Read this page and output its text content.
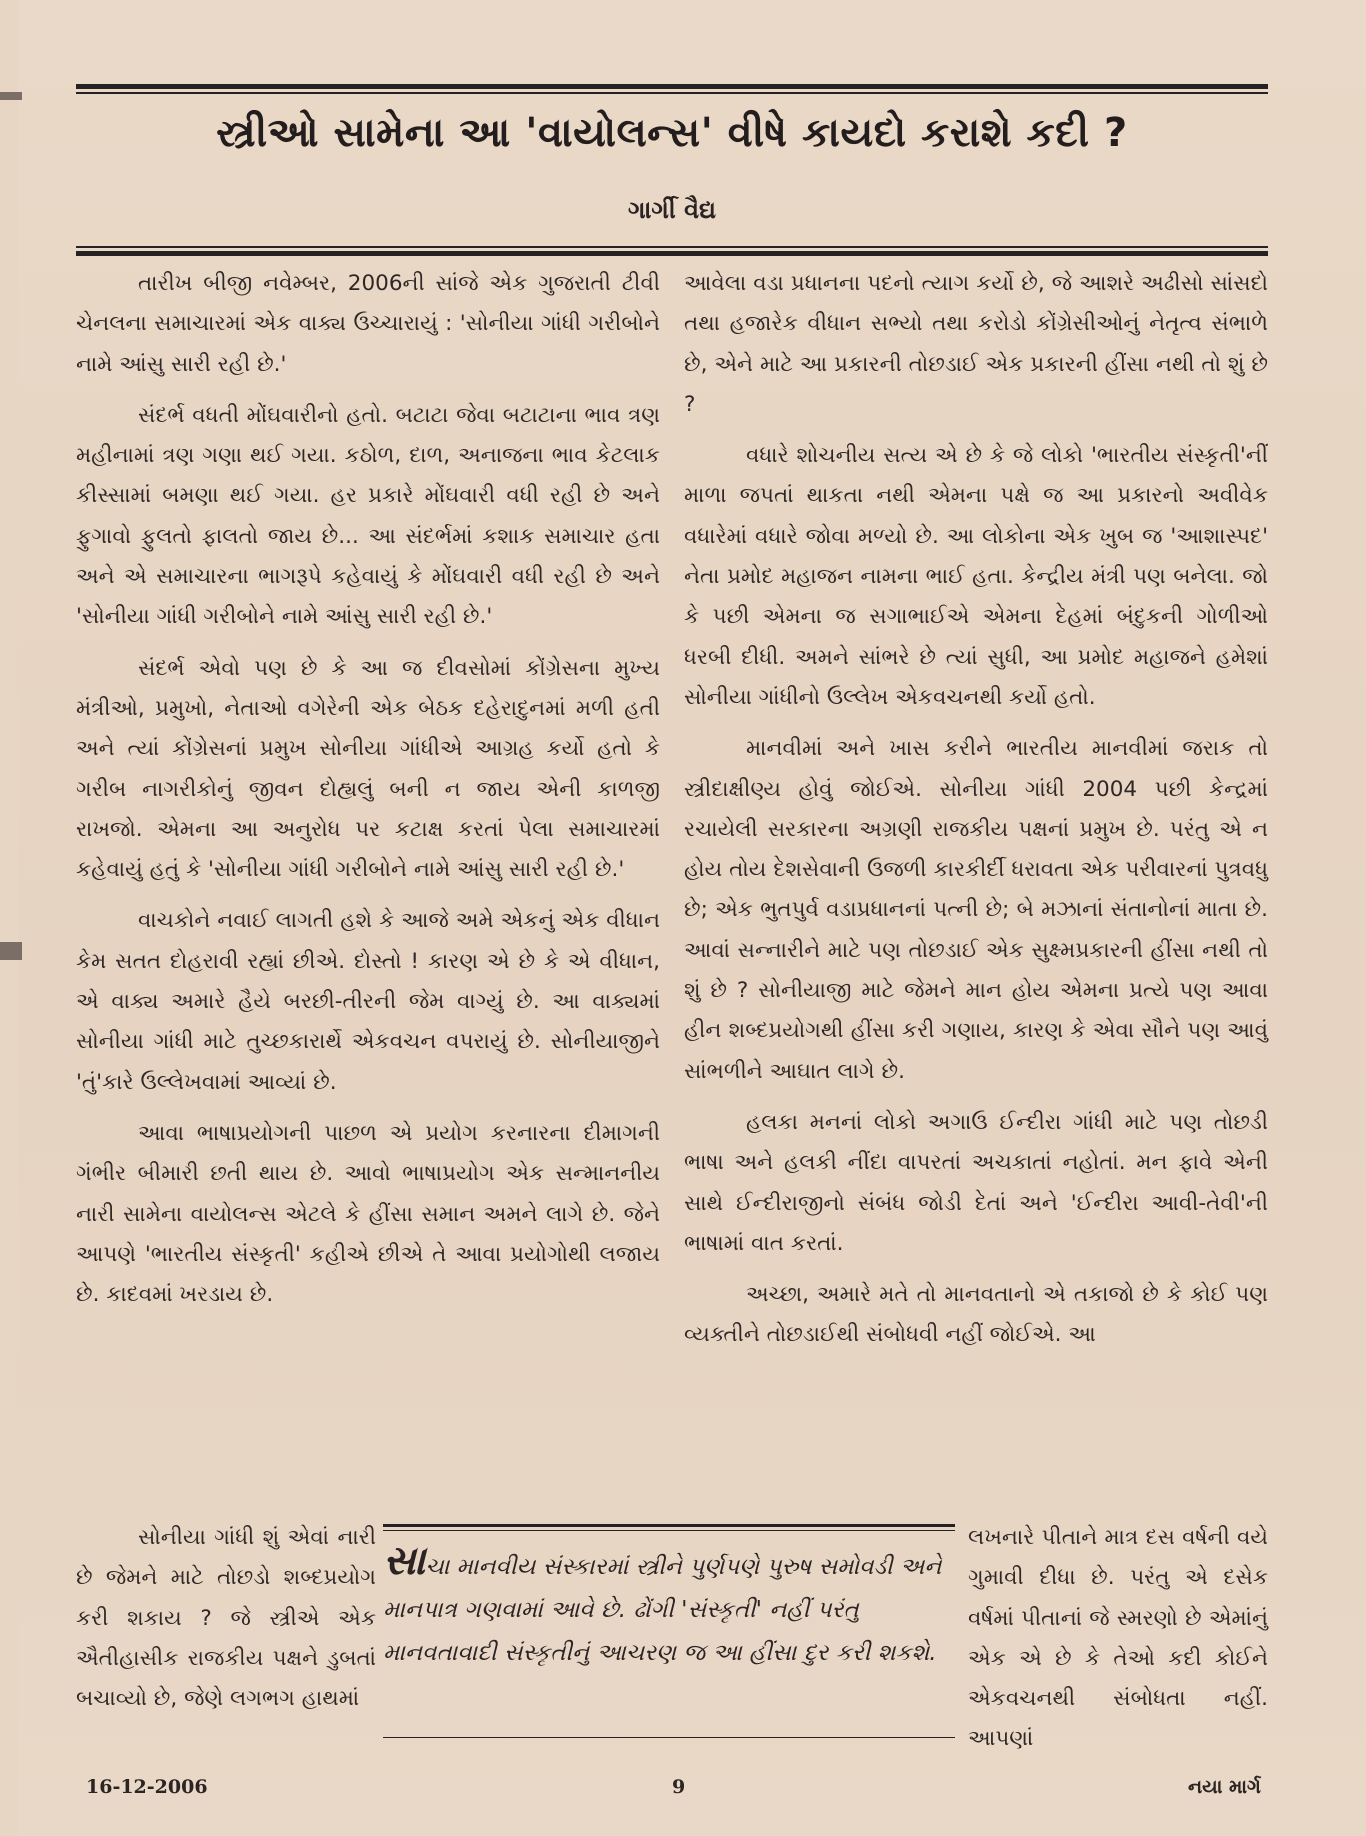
સ્ત્રીઓ સામેના આ 'વાયોલન્સ' વીષે કાયદો કરાશે કદી ?
ગાર્ગી વૈદ્ય

તારીખ બીજી નવેમ્બર, 2006ની સાંજે એક ગુજરાતી ટીવી ચેનલના સમાચારમાં એક વાક્ય ઉચ્ચારાયું : 'સોનીયા ગાંધી ગરીબોને નામે આંસુ સારી રહી છે.'

સંદર્ભ વધતી મોંઘવારીનો હતો. બટાટા જેવા બટાટાના ભાવ ત્રણ મહીનામાં ત્રણ ગણા થઈ ગયા. કઠોળ, દાળ, અનાજના ભાવ કેટલાક કીસ્સામાં બમણા થઈ ગયા. હર પ્રકારે મોંઘવારી વધી રહી છે અને ફુગાવો ફુલતો ફાલતો જાય છે... આ સંદર્ભમાં કશાક સમાચાર હતા અને એ સમાચારના ભાગરૂપે કહેવાયું કે મોંઘવારી વધી રહી છે અને 'સોનીયા ગાંધી ગરીબોને નામે આંસુ સારી રહી છે.'

સંદર્ભ એવો પણ છે કે આ જ દીવસોમાં કોંગ્રેસના મુખ્ય મંત્રીઓ, પ્રમુખો, નેતાઓ વગેરેની એક બેઠક દહેરાદુનમાં મળી હતી અને ત્યાં કોંગ્રેસનાં પ્રમુખ સોનીયા ગાંધીએ આગ્રહ કર્યો હતો કે ગરીબ નાગરીકોનું જીવન દોહ્યલું બની ન જાય એની કાળજી રાખજો. એમના આ અનુરોધ પર કટાક્ષ કરતાં પેલા સમાચારમાં કહેવાયું હતું કે 'સોનીયા ગાંધી ગરીબોને નામે આંસુ સારી રહી છે.'

વાચકોને નવાઈ લાગતી હશે કે આજે અમે એકનું એક વીધાન કેમ સતત દોહરાવી રહ્યાં છીએ. દોસ્તો ! કારણ એ છે કે એ વીધાન, એ વાક્ય અમારે હૈયે બરછી-તીરની જેમ વાગ્યું છે. આ વાક્યમાં સોનીયા ગાંધી માટે તુચ્છકારાર્થે એકવચન વપરાયું છે. સોનીયાજીને 'તું'કારે ઉલ્લેખવામાં આવ્યાં છે.

આવા ભાષાપ્રયોગની પાછળ એ પ્રયોગ કરનારના દીમાગની ગંભીર બીમારી છતી થાય છે. આવો ભાષાપ્રયોગ એક સન્માનનીય નારી સામેના વાયોલન્સ એટલે કે હીંસા સમાન અમને લાગે છે. જેને આપણે 'ભારતીય સંસ્કૃતી' કહીએ છીએ તે આવા પ્રયોગોથી લજાય છે. કાદવમાં ખરડાય છે.

આવેલા વડા પ્રધાનના પદનો ત્યાગ કર્યો છે, જે આશરે અઢીસો સાંસદો તથા હજારેક વીધાન સભ્યો તથા કરોડો કોંગ્રેસીઓનું નેતૃત્વ સંભાળે છે, એને માટે આ પ્રકારની તોછડાઈ એક પ્રકારની હીંસા નથી તો શું છે ?

વધારે શોચનીય સત્ય એ છે કે જે લોકો 'ભારતીય સંસ્કૃતી'નીં માળા જપતાં થાકતા નથી એમના પક્ષે જ આ પ્રકારનો અવીવેક વધારેમાં વધારે જોવા મળ્યો છે. આ લોકોના એક ખુબ જ 'આશાસ્પદ' નેતા પ્રમોદ મહાજન નામના ભાઈ હતા. કેન્દ્રીય મંત્રી પણ બનેલા. જો કે પછી એમના જ સગાભાઈએ એમના દેહમાં બંદુકની ગોળીઓ ધરબી દીધી. અમને સાંભરે છે ત્યાં સુધી, આ પ્રમોદ મહાજને હમેશાં સોનીયા ગાંધીનો ઉલ્લેખ એકવચનથી કર્યો હતો.

માનવીમાં અને ખાસ કરીને ભારતીય માનવીમાં જરાક તો સ્ત્રીદાક્ષીણ્ય હોવું જોઈએ. સોનીયા ગાંધી 2004 પછી કેન્દ્રમાં રચાયેલી સરકારના અગ્રણી રાજકીય પક્ષનાં પ્રમુખ છે. પરંતુ એ ન હોય તોય દેશસેવાની ઉજળી કારકીર્દી ધરાવતા એક પરીવારનાં પુત્રવધુ છે; એક ભુતપુર્વ વડાપ્રધાનનાં પત્ની છે; બે મઝાનાં સંતાનોનાં માતા છે. આવાં સન્નારીને માટે પણ તોછડાઈ એક સુક્ષ્મપ્રકારની હીંસા નથી તો શું છે ? સોનીયાજી માટે જેમને માન હોય એમના પ્રત્યે પણ આવા હીન શબ્દપ્રયોગથી હીંસા કરી ગણાય, કારણ કે એવા સૌને પણ આવું સાંભળીને આઘાત લાગે છે.

હલકા મનનાં લોકો અગાઉ ઈન્દીરા ગાંધી માટે પણ તોછડી ભાષા અને હલકી નીંદા વાપરતાં અચકાતાં નહોતાં. મન ફાવે એની સાથે ઈન્દીરાજીનો સંબંધ જોડી દેતાં અને 'ઈન્દીરા આવી-તેવી'ની ભાષામાં વાત કરતાં.

અચ્છા, અમારે મતે તો માનવતાનો એ તકાજો છે કે કોઈ પણ વ્યક્તીને તોછડાઈથી સંબોધવી નહીં જોઈએ. આ

સોનીયા ગાંધી શું એવાં નારી છે જેમને માટે તોછડો શબ્દપ્રયોગ કરી શકાય ? જે સ્ત્રીએ એક ઐતીહાસીક રાજકીય પક્ષને ડુબતાં બચાવ્યો છે, જેણે લગભગ હાથમાં

સાચા માનવીય સંસ્કારમાં સ્ત્રીને પુર્ણપણે પુરુષ સમોવડી અને માનપાત્ર ગણવામાં આવે છે. ઢોંગી 'સંસ્કૃતી' નહીં પરંતુ માનવતાવાદી સંસ્કૃતીનું આચરણ જ આ હીંસા દુર કરી શકશે.

લખનારે પીતાને માત્ર દસ વર્ષની વયે ગુમાવી દીધા છે. પરંતુ એ દસેક વર્ષમાં પીતાનાં જે સ્મરણો છે એમાંનું એક એ છે કે તેઓ કદી કોઈને એકવચનથી સંબોધતા નહીં. આપણાં

16-12-2006	9	નયા માર્ગ
